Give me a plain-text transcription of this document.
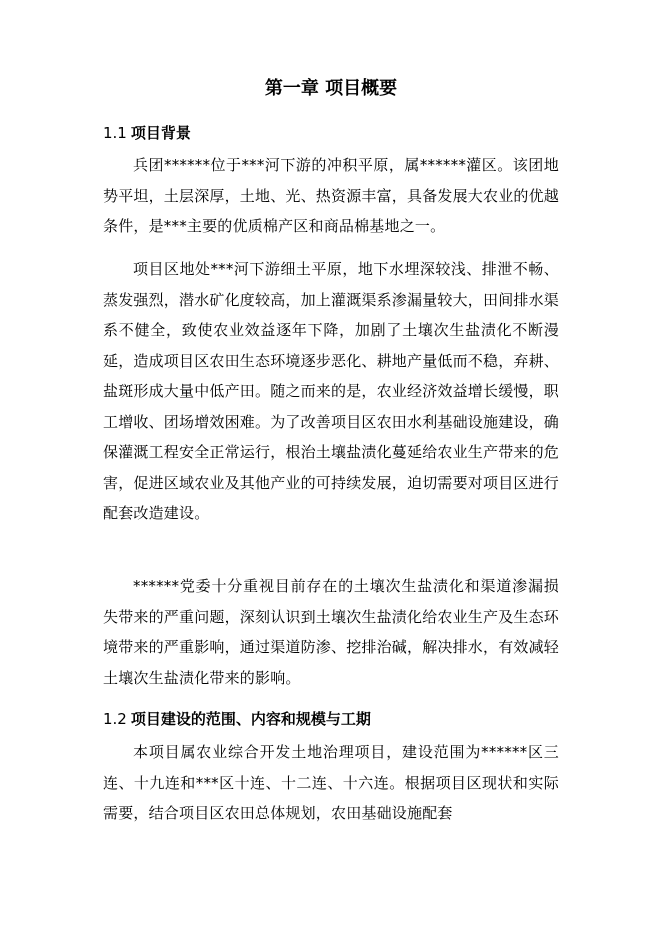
第一章 项目概要
1.1 项目背景

兵团******位于***河下游的冲积平原，属******灌区。该团地势平坦，土层深厚，土地、光、热资源丰富，具备发展大农业的优越条件，是***主要的优质棉产区和商品棉基地之一。

项目区地处***河下游细土平原，地下水埋深较浅、排泄不畅、蒸发强烈，潜水矿化度较高，加上灌溉渠系渗漏量较大，田间排水渠系不健全，致使农业效益逐年下降，加剧了土壤次生盐渍化不断漫延，造成项目区农田生态环境逐步恶化、耕地产量低而不稳，弃耕、盐斑形成大量中低产田。随之而来的是，农业经济效益增长缓慢，职工增收、团场增效困难。为了改善项目区农田水利基础设施建设，确保灌溉工程安全正常运行，根治土壤盐渍化蔓延给农业生产带来的危害，促进区域农业及其他产业的可持续发展，迫切需要对项目区进行配套改造建设。

******党委十分重视目前存在的土壤次生盐渍化和渠道渗漏损失带来的严重问题，深刻认识到土壤次生盐渍化给农业生产及生态环境带来的严重影响，通过渠道防渗、挖排治碱，解决排水，有效减轻土壤次生盐渍化带来的影响。

1.2 项目建设的范围、内容和规模与工期

本项目属农业综合开发土地治理项目，建设范围为******区三连、十九连和***区十连、十二连、十六连。根据项目区现状和实际需要，结合项目区农田总体规划，农田基础设施配套
